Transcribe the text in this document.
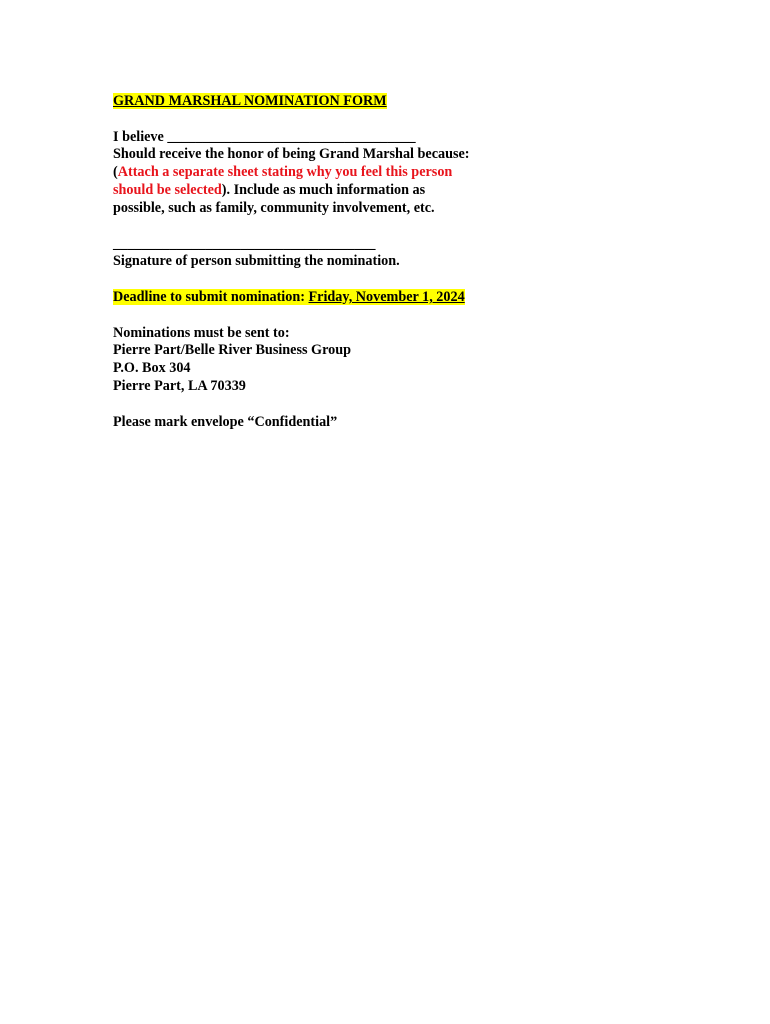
GRAND MARSHAL NOMINATION FORM
I believe ___________________________________
Should receive the honor of being Grand Marshal because:
(Attach a separate sheet stating why you feel this person
should be selected). Include as much information as
possible, such as family, community involvement, etc.
_____________________________________
Signature of person submitting the nomination.
Deadline to submit nomination: Friday, November 1, 2024
Nominations must be sent to:
Pierre Part/Belle River Business Group
P.O. Box 304
Pierre Part, LA 70339
Please mark envelope “Confidential”
